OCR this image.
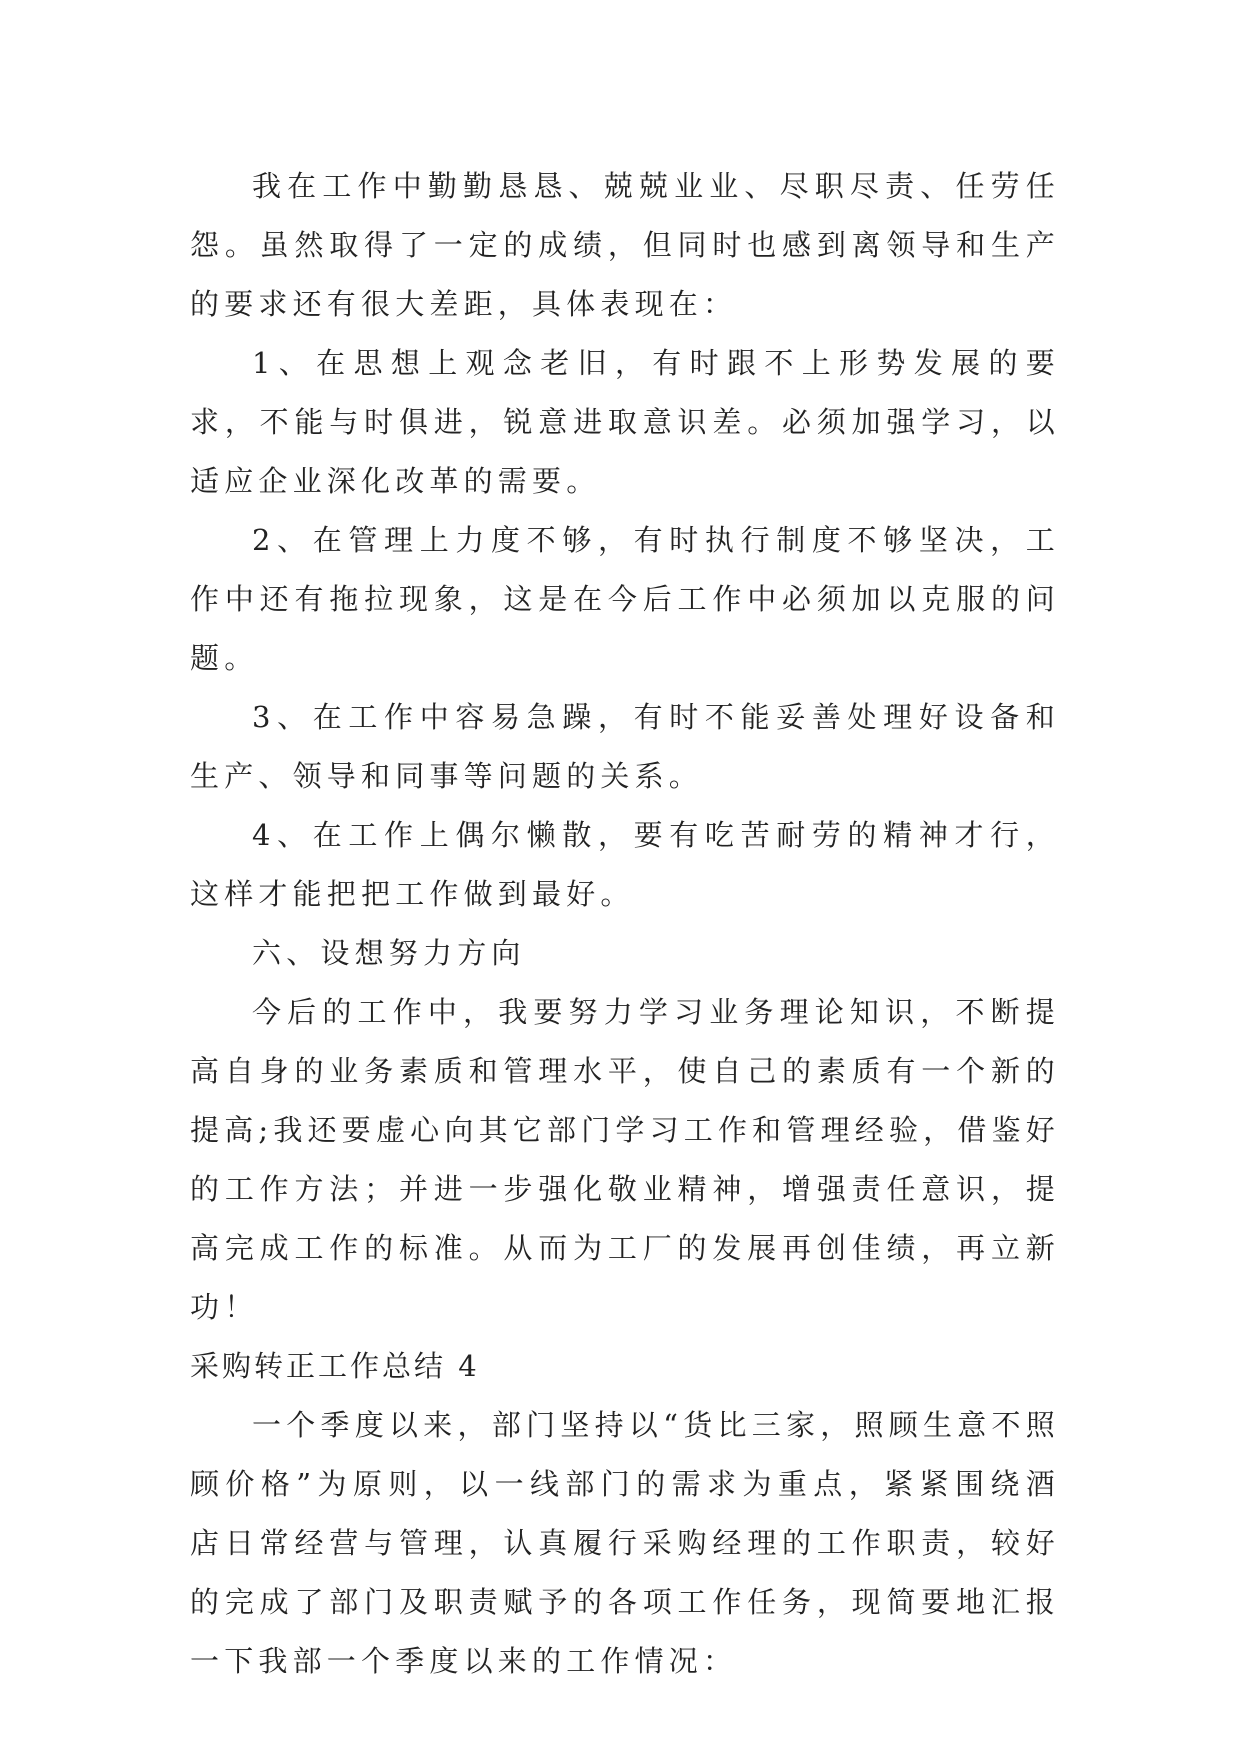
我在工作中勤勤恳恳、兢兢业业、尽职尽责、任劳任怨。虽然取得了一定的成绩，但同时也感到离领导和生产的要求还有很大差距，具体表现在：

1、在思想上观念老旧，有时跟不上形势发展的要求，不能与时俱进，锐意进取意识差。必须加强学习，以适应企业深化改革的需要。

2、在管理上力度不够，有时执行制度不够坚决，工作中还有拖拉现象，这是在今后工作中必须加以克服的问题。

3、在工作中容易急躁，有时不能妥善处理好设备和生产、领导和同事等问题的关系。

4、在工作上偶尔懒散，要有吃苦耐劳的精神才行，这样才能把把工作做到最好。

六、设想努力方向

今后的工作中，我要努力学习业务理论知识，不断提高自身的业务素质和管理水平，使自己的素质有一个新的提高;我还要虚心向其它部门学习工作和管理经验，借鉴好的工作方法；并进一步强化敬业精神，增强责任意识，提高完成工作的标准。从而为工厂的发展再创佳绩，再立新功！

采购转正工作总结 4

一个季度以来，部门坚持以“货比三家，照顾生意不照顾价格”为原则，以一线部门的需求为重点，紧紧围绕酒店日常经营与管理，认真履行采购经理的工作职责，较好的完成了部门及职责赋予的各项工作任务，现简要地汇报一下我部一个季度以来的工作情况：
